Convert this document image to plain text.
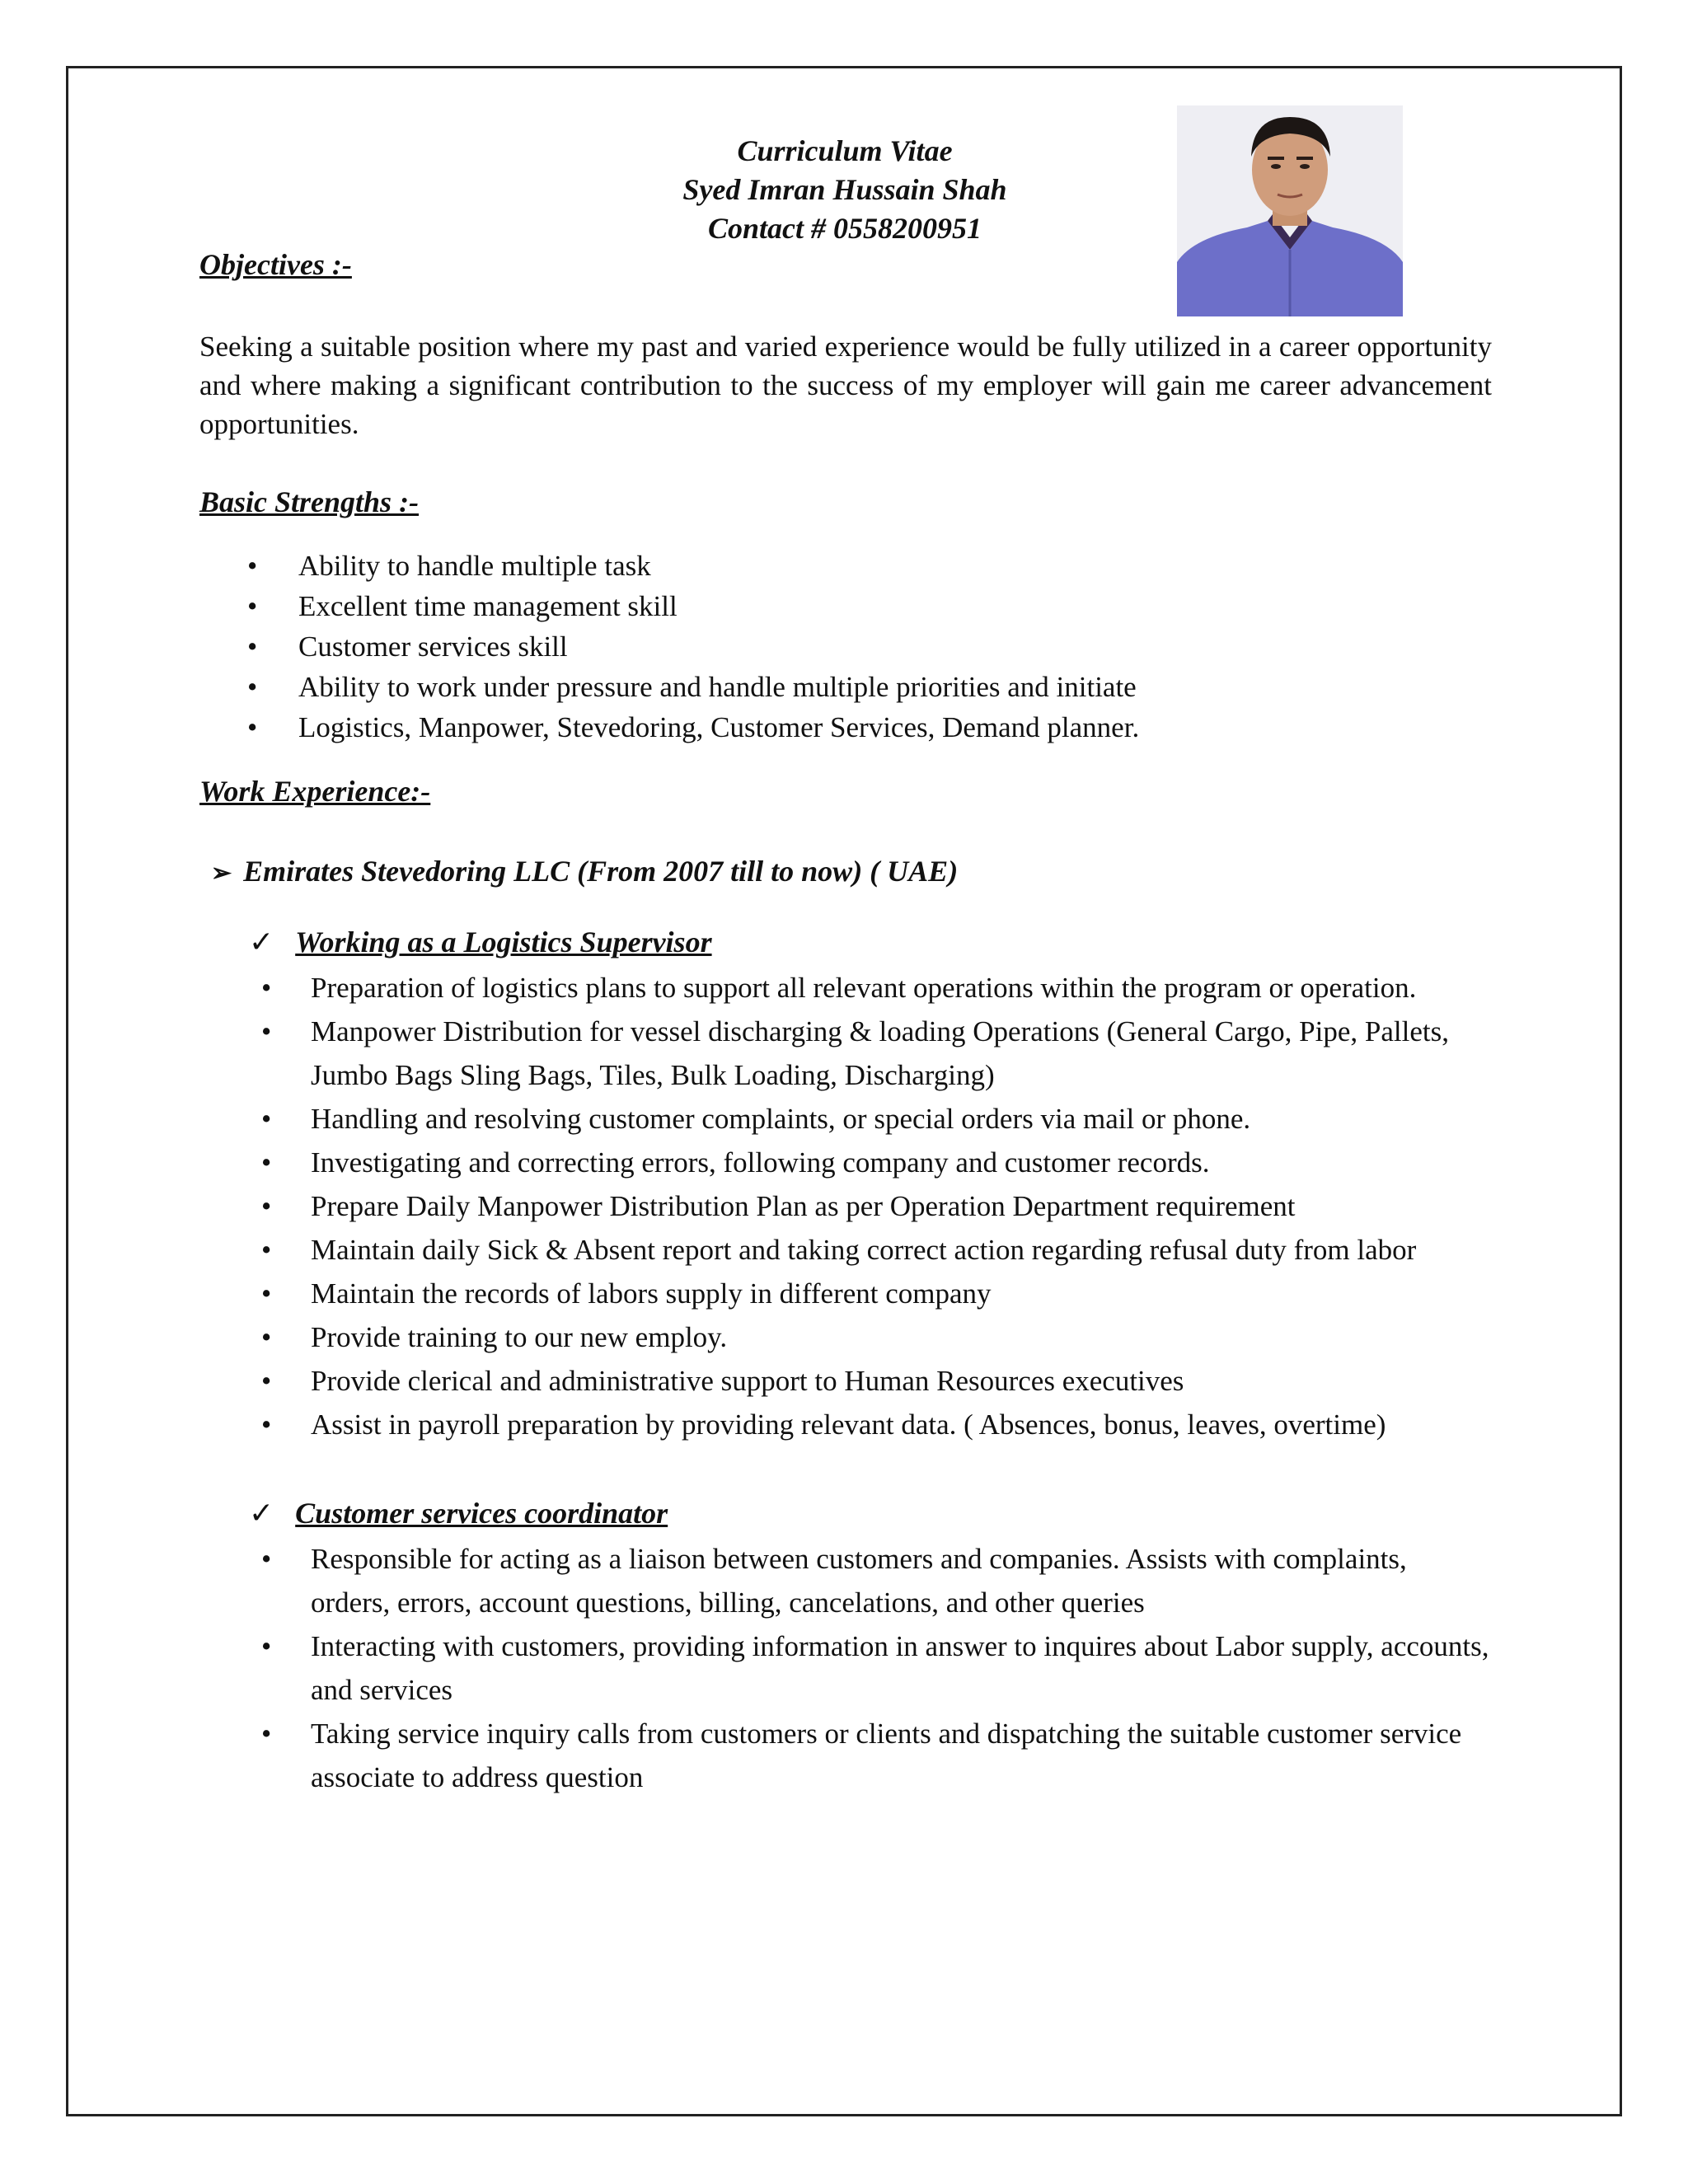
Curriculum Vitae
Syed Imran Hussain Shah
Contact # 0558200951
Objectives :-

Seeking a suitable position where my past and varied experience would be fully utilized in a career opportunity and where making a significant contribution to the success of my employer will gain me career advancement opportunities.

Basic Strengths :-
• Ability to handle multiple task
• Excellent time management skill
• Customer services skill
• Ability to work under pressure and handle multiple priorities and initiate
• Logistics, Manpower, Stevedoring, Customer Services, Demand planner.
Work Experience:-
➢ Emirates Stevedoring LLC (From 2007 till to now) ( UAE)
✓ Working as a Logistics Supervisor
• Preparation of logistics plans to support all relevant operations within the program or operation.
• Manpower Distribution for vessel discharging & loading Operations (General Cargo, Pipe, Pallets, Jumbo Bags Sling Bags, Tiles, Bulk Loading, Discharging)
• Handling and resolving customer complaints, or special orders via mail or phone.
• Investigating and correcting errors, following company and customer records.
• Prepare Daily Manpower Distribution Plan as per Operation Department requirement
• Maintain daily Sick & Absent report and taking correct action regarding refusal duty from labor
• Maintain the records of labors supply in different company
• Provide training to our new employ.
• Provide clerical and administrative support to Human Resources executives
• Assist in payroll preparation by providing relevant data. ( Absences, bonus, leaves, overtime)
✓ Customer services coordinator
• Responsible for acting as a liaison between customers and companies. Assists with complaints, orders, errors, account questions, billing, cancelations, and other queries
• Interacting with customers, providing information in answer to inquires about Labor supply, accounts, and services
• Taking service inquiry calls from customers or clients and dispatching the suitable customer service associate to address question
